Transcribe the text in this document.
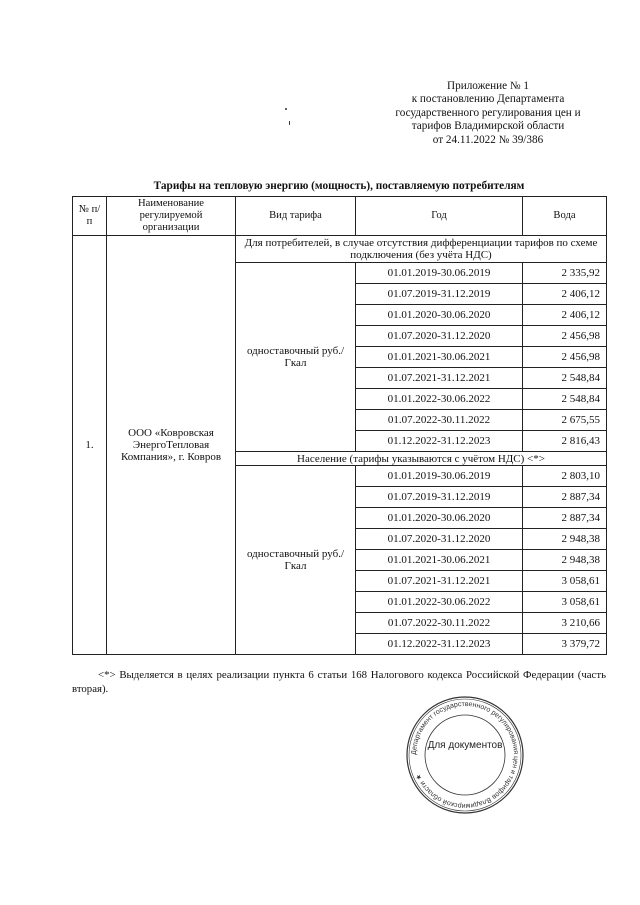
Приложение № 1
к постановлению Департамента
государственного регулирования цен и
тарифов Владимирской области
от 24.11.2022 № 39/386
Тарифы на тепловую энергию (мощность), поставляемую потребителям
№ п/п	Наименование регулируемой организации	Вид тарифа	Год	Вода
1.	ООО «Ковровская ЭнергоТепловая Компания», г. Ковров	Для потребителей, в случае отсутствия дифференциации тарифов по схеме подключения (без учёта НДС)		
		одноставочный руб./Гкал	01.01.2019-30.06.2019	2 335,92
			01.07.2019-31.12.2019	2 406,12
			01.01.2020-30.06.2020	2 406,12
			01.07.2020-31.12.2020	2 456,98
			01.01.2021-30.06.2021	2 456,98
			01.07.2021-31.12.2021	2 548,84
			01.01.2022-30.06.2022	2 548,84
			01.07.2022-30.11.2022	2 675,55
			01.12.2022-31.12.2023	2 816,43
		Население (тарифы указываются с учётом НДС) <*>		
		одноставочный руб./Гкал	01.01.2019-30.06.2019	2 803,10
			01.07.2019-31.12.2019	2 887,34
			01.01.2020-30.06.2020	2 887,34
			01.07.2020-31.12.2020	2 948,38
			01.01.2021-30.06.2021	2 948,38
			01.07.2021-31.12.2021	3 058,61
			01.01.2022-30.06.2022	3 058,61
			01.07.2022-30.11.2022	3 210,66
			01.12.2022-31.12.2023	3 379,72
<*> Выделяется в целях реализации пункта 6 статьи 168 Налогового кодекса Российской Федерации (часть вторая).
Департамент государственного регулирования цен и тарифов Владимирской области ★
Для документов
